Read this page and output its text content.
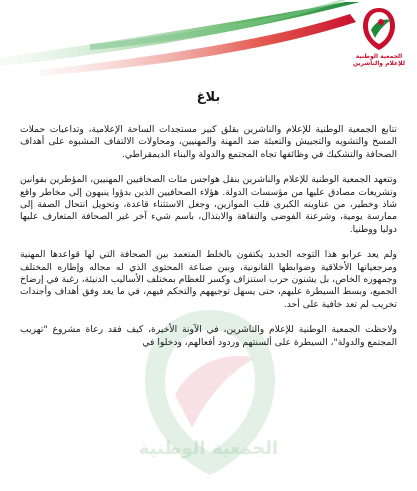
الجمعية الوطنية
للإعلام والناشرين
الجمعية الوطنية
بلاغ

تتابع الجمعية الوطنية للإعلام والناشرين بقلق كبير مستجدات الساحة الإعلامية، وتداعيات حملات المسخ والتشويه والتجييش والتعبئة ضد المهنة والمهنيين، ومحاولات الالتفاف المشبوه على أهداف الصحافة والتشكيك في وظائفها تجاه المجتمع والدولة والبناء الديمقراطي.

وتتعهد الجمعية الوطنية للإعلام والناشرين بنقل هواجس مئات الصحافيين المهنيين، المؤطرين بقوانين وتشريعات مصادق عليها من مؤسسات الدولة. هؤلاء الصحافيين الذين بدؤوا ينبهون إلى مخاطر واقع شاذ وخطير، من عناوينه الكبرى قلب الموازين، وجعل الاستثناء قاعدة، وتحويل انتحال الصفة إلى ممارسة يومية، وشرعنة الفوضى والتفاهة والابتذال، باسم شيء آخر غير الصحافة المتعارف عليها دوليا ووطنيا.

ولم يعد عرابو هذا التوجه الجديد يكتفون بالخلط المتعمد بين الصحافة التي لها قواعدها المهنية ومرجعياتها الأخلاقية وضوابطها القانونية، وبين صناعة المحتوى الذي له مجاله وإطاره المختلف وجمهوره الخاص، بل يشنون حرب استنزاف وكسر للعظام بمختلف الأساليب الدنيئة، رغبة في إرضاخ الجميع، وبسط السيطرة عليهم، حتى يسهل توجيههم والتحكم فيهم، في ما يعد وفق أهداف وأجندات تخريب لم تعد خافية على أحد.

ولاحظت الجمعية الوطنية للإعلام والناشرين، في الآونة الأخيرة، كيف فقد رعاة مشروع "تهريب المجتمع والدولة"، السيطرة على ألسنتهم وردود أفعالهم، ودخلوا في
